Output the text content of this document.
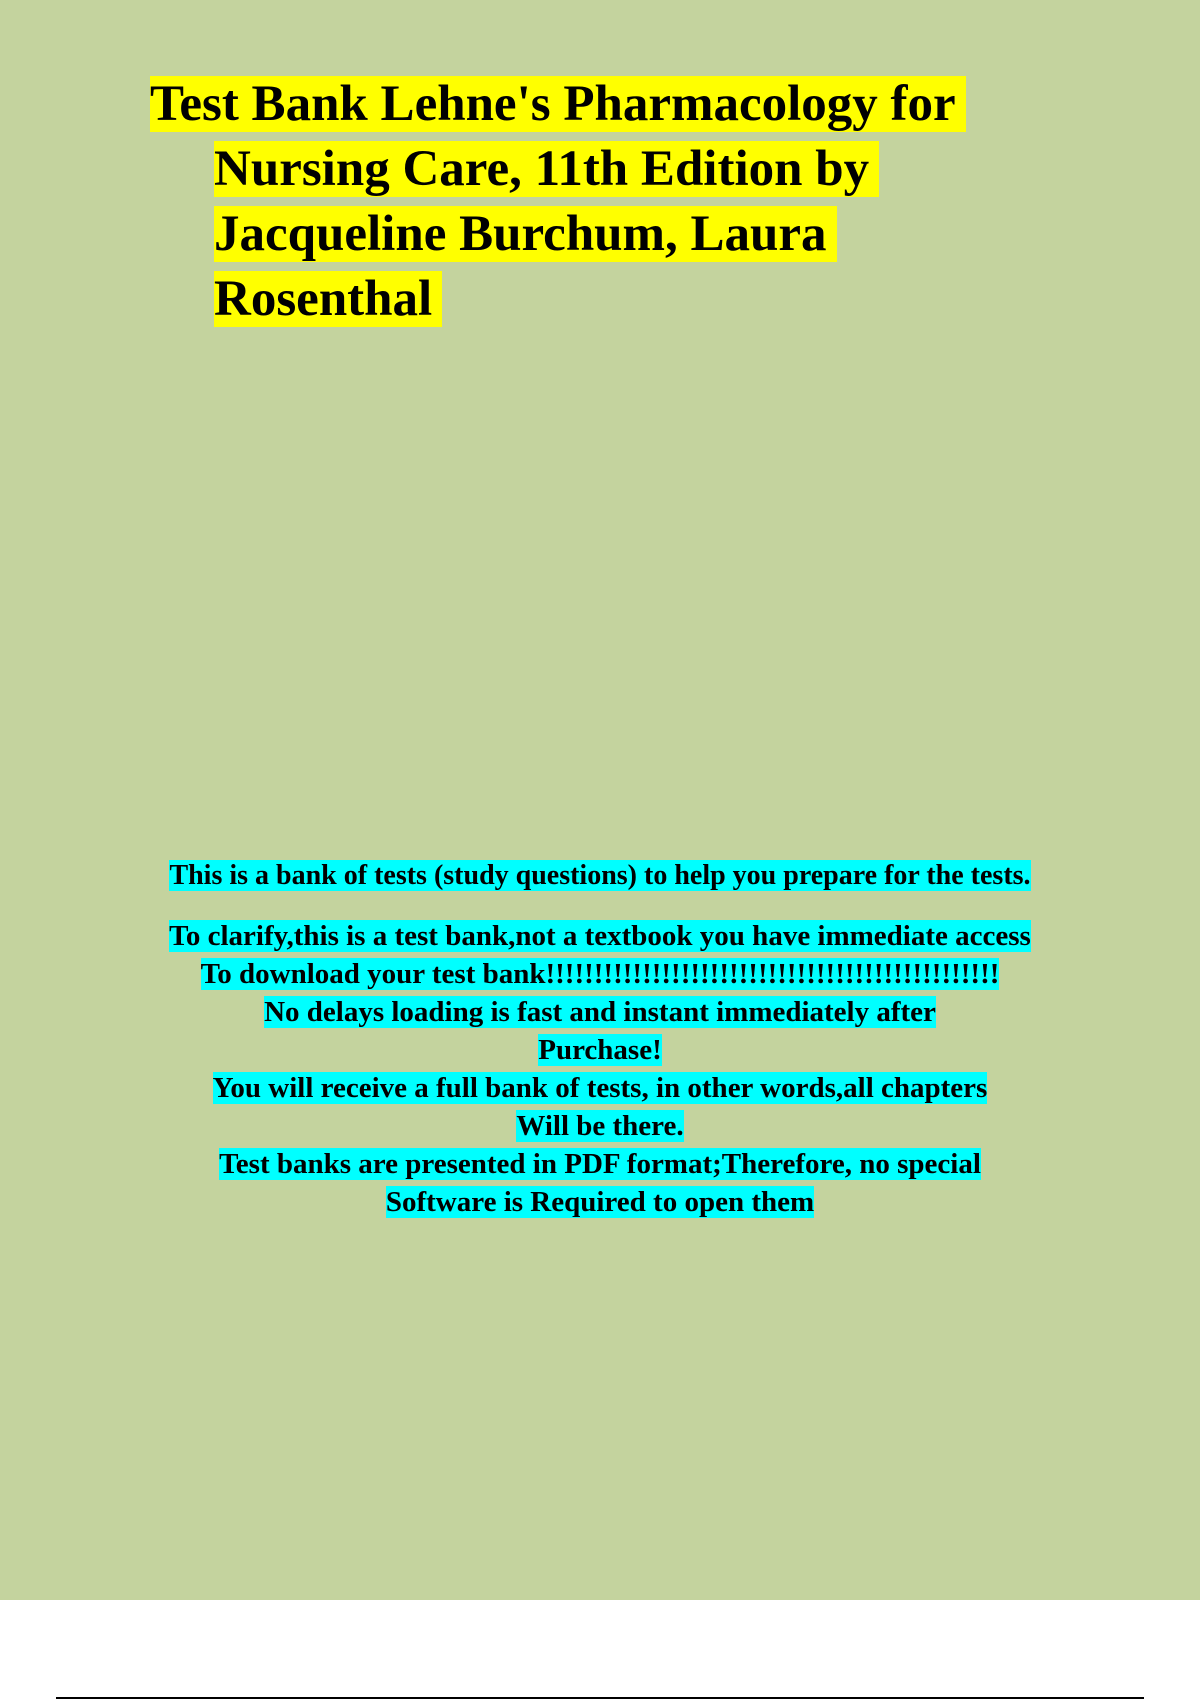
Test Bank Lehne's Pharmacology for
Nursing Care, 11th Edition by
Jacqueline Burchum, Laura
Rosenthal
This is a bank of tests (study questions) to help you prepare for the tests.
To clarify,this is a test bank,not a textbook you have immediate access
To download your test bank!!!!!!!!!!!!!!!!!!!!!!!!!!!!!!!!!!!!!!!!!!!!!!!
No delays loading is fast and instant immediately after
Purchase!
You will receive a full bank of tests, in other words,all chapters
Will be there.
Test banks are presented in PDF format;Therefore, no special
Software is Required to open them
